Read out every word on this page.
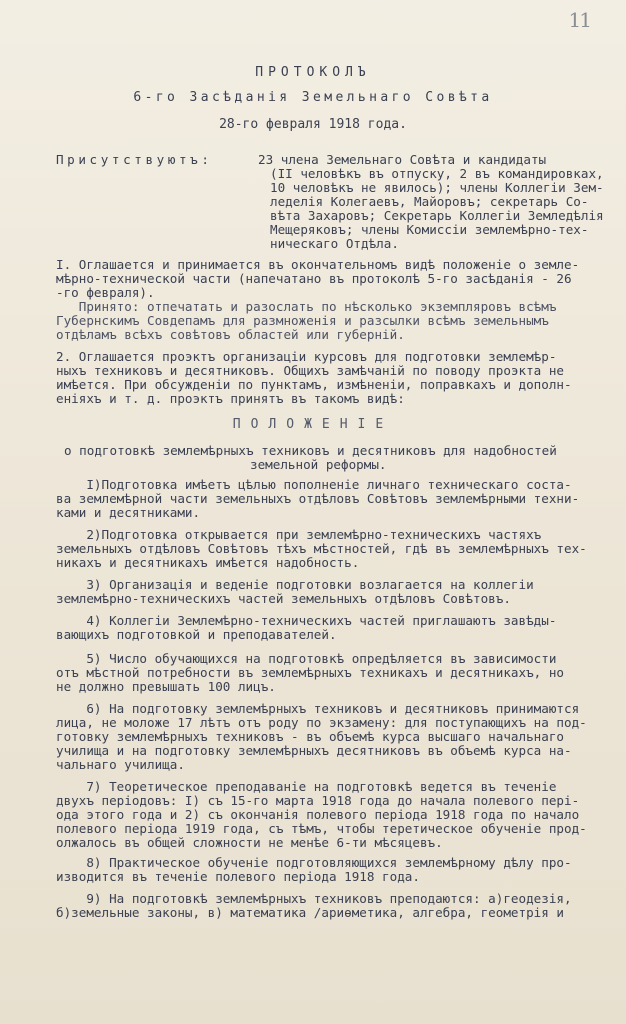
11
ПРОТОКОЛЪ
6-го Засѣданія Земельнаго Совѣта
28-го февраля 1918 года.
Присутствуютъ:	23 члена Земельнаго Совѣта и кандидаты
(II человѣкъ въ отпуску, 2 въ командировках,
10 человѣкъ не явилось); члены Коллегіи Зем-
леделія Колегаевъ, Майоровъ; секретарь Со-
вѣта Захаровъ; Секретарь Коллегіи Земледѣлія
Мещеряковъ; члены Комиссіи землемѣрно-тех-
ническаго Отдѣла.
I. Оглашается и принимается въ окончательномъ видѣ положеніе о земле-
мѣрно-технической части (напечатано въ протоколѣ 5-го засѣданія - 26
-го февраля).
Принято: отпечатать и разослать по нѣсколько экземпляровъ всѣмъ
Губернскимъ Совдепамъ для размноженія и разсылки всѣмъ земельнымъ
отдѣламъ всѣхъ совѣтовъ областей или губерній.
2. Оглашается проэктъ организаціи курсовъ для подготовки землемѣр-
ныхъ техниковъ и десятниковъ. Общихъ замѣчаній по поводу проэкта не
имѣется. При обсужденіи по пунктамъ, измѣненіи, поправкахъ и дополн-
еніяхъ и т. д. проэктъ принятъ въ такомъ видѣ:
ПОЛОЖЕНІЕ
о подготовкѣ землемѣрныхъ техниковъ и десятниковъ для надобностей
земельной реформы.
I)Подготовка имѣетъ цѣлью пополненіе личнаго техническаго соста-
ва землемѣрной части земельныхъ отдѣловъ Совѣтовъ землемѣрными техни-
ками и десятниками.
2)Подготовка открывается при землемѣрно-техническихъ частяхъ
земельныхъ отдѣловъ Совѣтовъ тѣхъ мѣстностей, гдѣ въ землемѣрныхъ тех-
никахъ и десятникахъ имѣется надобность.
3) Организація и веденіе подготовки возлагается на коллегіи
землемѣрно-техническихъ частей земельныхъ отдѣловъ Совѣтовъ.
4) Коллегіи Землемѣрно-техническихъ частей приглашаютъ завѣды-
вающихъ подготовкой и преподавателей.
5) Число обучающихся на подготовкѣ опредѣляется въ зависимости
отъ мѣстной потребности въ землемѣрныхъ техникахъ и десятникахъ, но
не должно превышать 100 лицъ.
6) На подготовку землемѣрныхъ техниковъ и десятниковъ принимаются
лица, не моложе 17 лѣтъ отъ роду по экзамену: для поступающихъ на под-
готовку землемѣрныхъ техниковъ - въ объемѣ курса высшаго начальнаго
училища и на подготовку землемѣрныхъ десятниковъ въ объемѣ курса на-
чальнаго училища.
7) Теоретическое преподаваніе на подготовкѣ ведется въ теченіе
двухъ періодовъ: I) съ 15-го марта 1918 года до начала полевого пері-
ода этого года и 2) съ окончанія полевого періода 1918 года по начало
полевого періода 1919 года, съ тѣмъ, чтобы теретическое обученіе прод-
олжалось въ общей сложности не менѣе 6-ти мѣсяцевъ.
8) Практическое обученіе подготовляющихся землемѣрному дѣлу про-
изводится въ теченіе полевого періода 1918 года.
9) На подготовкѣ землемѣрныхъ техниковъ преподаются: а)геодезія,
б)земельные законы, в) математика /ариѳметика, алгебра, геометрія и
